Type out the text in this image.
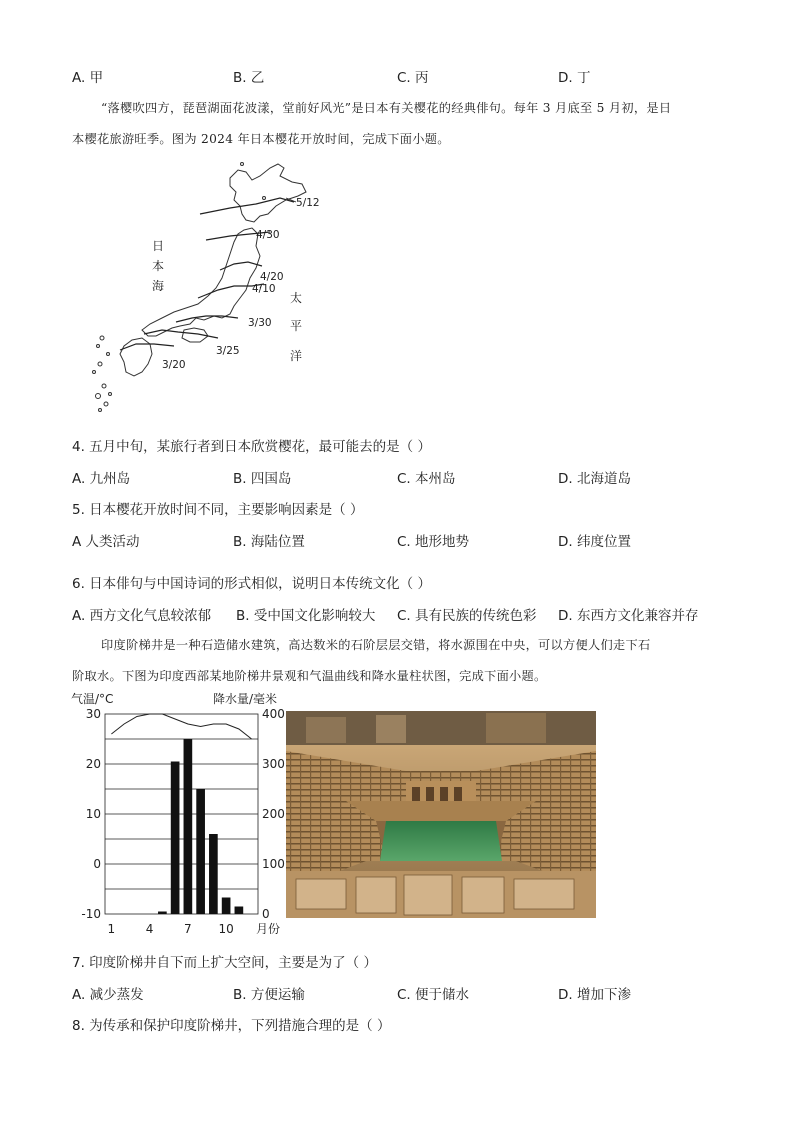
A. 甲	B. 乙	C. 丙	D. 丁
“落樱吹四方，琵琶湖面花波漾，堂前好风光”是日本有关樱花的经典俳句。每年 3 月底至 5 月初，是日
本樱花旅游旺季。图为 2024 年日本樱花开放时间，完成下面小题。
5/12
4/30
4/20
4/10
3/30
3/25
3/20
日
本
海
太
平
洋
4. 五月中旬，某旅行者到日本欣赏樱花，最可能去的是（ ）
A. 九州岛	B. 四国岛	C. 本州岛	D. 北海道岛
5. 日本樱花开放时间不同，主要影响因素是（ ）
A 人类活动	B. 海陆位置	C. 地形地势	D. 纬度位置
6. 日本俳句与中国诗词的形式相似，说明日本传统文化（ ）
A. 西方文化气息较浓郁 B. 受中国文化影响较大 C. 具有民族的传统色彩 D. 东西方文化兼容并存
印度阶梯井是一种石造储水建筑，高达数米的石阶层层交错，将水源围在中央，可以方便人们走下石
阶取水。下图为印度西部某地阶梯井景观和气温曲线和降水量柱状图，完成下面小题。
30
20
10
0
-10
400
300
200
100
0
1	4	7 10
气温/°C	降水量/毫米
月份
7. 印度阶梯井自下而上扩大空间，主要是为了（ ）
A. 减少蒸发	B. 方便运输	C. 便于储水	D. 增加下渗
8. 为传承和保护印度阶梯井，下列措施合理的是（ ）
